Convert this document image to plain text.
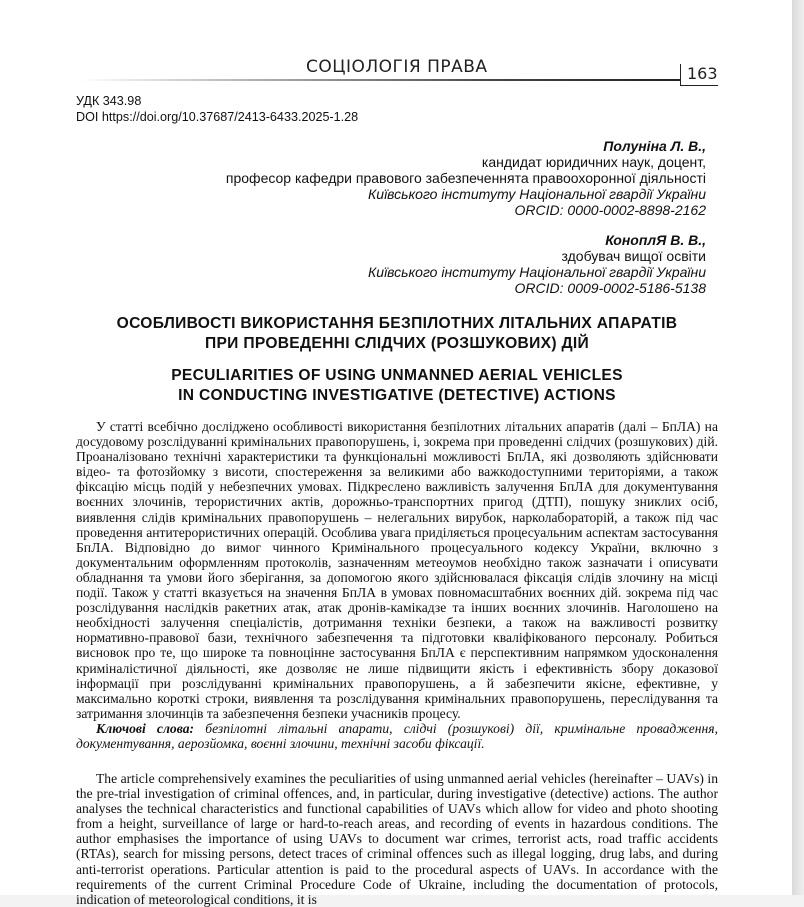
СОЦІОЛОГІЯ ПРАВА	163
УДК 343.98
DOI https://doi.org/10.37687/2413-6433.2025-1.28
Полуніна Л. В.,
кандидат юридичних наук, доцент,
професор кафедри правового забезпеченнята правоохоронної діяльності
Київського інституту Національної гвардії України
ORCID: 0000-0002-8898-2162
КоноплЯ В. В.,
здобувач вищої освіти
Київського інституту Національної гвардії України
ORCID: 0009-0002-5186-5138
ОСОБЛИВОСТІ ВИКОРИСТАННЯ БЕЗПІЛОТНИХ ЛІТАЛЬНИХ АПАРАТІВ
ПРИ ПРОВЕДЕННІ СЛІДЧИХ (РОЗШУКОВИХ) ДІЙ
PECULIARITIES OF USING UNMANNED AERIAL VEHICLES
IN CONDUCTING INVESTIGATIVE (DETECTIVE) ACTIONS

У статті всебічно досліджено особливості використання безпілотних літальних апаратів (далі – БпЛА) на досудовому розслідуванні кримінальних правопорушень, і, зокрема при проведенні слідчих (розшукових) дій. Проаналізовано технічні характеристики та функціональні можливості БпЛА, які дозволяють здійснювати відео- та фотозйомку з висоти, спостереження за великими або важкодоступними територіями, а також фіксацію місць подій у небезпечних умовах. Підкреслено важливість залучення БпЛА для документування воєнних злочинів, терористичних актів, дорожньо-транспортних пригод (ДТП), пошуку зниклих осіб, виявлення слідів кримінальних правопорушень – нелегальних вирубок, нарколабораторій, а також під час проведення антитерористичних операцій. Особлива увага приділяється процесуальним аспектам застосування БпЛА. Відповідно до вимог чинного Кримінального процесуального кодексу України, включно з документальним оформленням протоколів, зазначенням метеоумов необхідно також зазначати і описувати обладнання та умови його зберігання, за допомогою якого здійснювалася фіксація слідів злочину на місці події. Також у статті вказується на значення БпЛА в умовах повномасштабних воєнних дій. зокрема під час розслідування наслідків ракетних атак, атак дронів-камікадзе та інших воєнних злочинів. Наголошено на необхідності залучення спеціалістів, дотримання техніки безпеки, а також на важливості розвитку нормативно-правової бази, технічного забезпечення та підготовки кваліфікованого персоналу. Робиться висновок про те, що широке та повноцінне застосування БпЛА є перспективним напрямком удосконалення криміналістичної діяльності, яке дозволяє не лише підвищити якість і ефективність збору доказової інформації при розслідуванні кримінальних правопорушень, а й забезпечити якісне, ефективне, у максимально короткі строки, виявлення та розслідування кримінальних правопорушень, переслідування та затримання злочинців та забезпечення безпеки учасників процесу.

Ключові слова: безпілотні літальні апарати, слідчі (розшукові) дії, кримінальне провадження, документування, аерозйомка, воєнні злочини, технічні засоби фіксації.

The article comprehensively examines the peculiarities of using unmanned aerial vehicles (hereinafter – UAVs) in the pre-trial investigation of criminal offences, and, in particular, during investigative (detective) actions. The author analyses the technical characteristics and functional capabilities of UAVs which allow for video and photo shooting from a height, surveillance of large or hard-to-reach areas, and recording of events in hazardous conditions. The author emphasises the importance of using UAVs to document war crimes, terrorist acts, road traffic accidents (RTAs), search for missing persons, detect traces of criminal offences such as illegal logging, drug labs, and during anti-terrorist operations. Particular attention is paid to the procedural aspects of UAVs. In accordance with the requirements of the current Criminal Procedure Code of Ukraine, including the documentation of protocols, indication of meteorological conditions, it is
